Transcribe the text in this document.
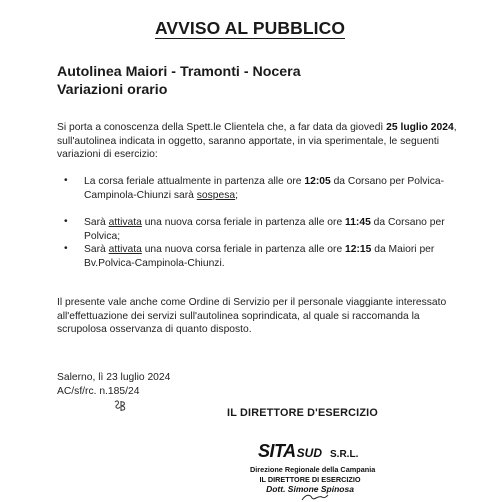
AVVISO AL PUBBLICO
Autolinea Maiori - Tramonti - Nocera
Variazioni orario
Si porta a conoscenza della Spett.le Clientela che, a far data da giovedì 25 luglio 2024, sull'autolinea indicata in oggetto, saranno apportate, in via sperimentale, le seguenti variazioni di esercizio:
• La corsa feriale attualmente in partenza alle ore 12:05 da Corsano per Polvica-Campinola-Chiunzi sarà sospesa;
• Sarà attivata una nuova corsa feriale in partenza alle ore 11:45 da Corsano per Polvica;
• Sarà attivata una nuova corsa feriale in partenza alle ore 12:15 da Maiori per Bv.Polvica-Campinola-Chiunzi.
Il presente vale anche come Ordine di Servizio per il personale viaggiante interessato all'effettuazione dei servizi sull'autolinea soprindicata, al quale si raccomanda la scrupolosa osservanza di quanto disposto.
Salerno, lì 23 luglio 2024
AC/sf/rc. n.185/24
IL DIRETTORE D'ESERCIZIO
SITASUD S.R.L.
Direzione Regionale della Campania
IL DIRETTORE DI ESERCIZIO
Dott. Simone Spinosa
